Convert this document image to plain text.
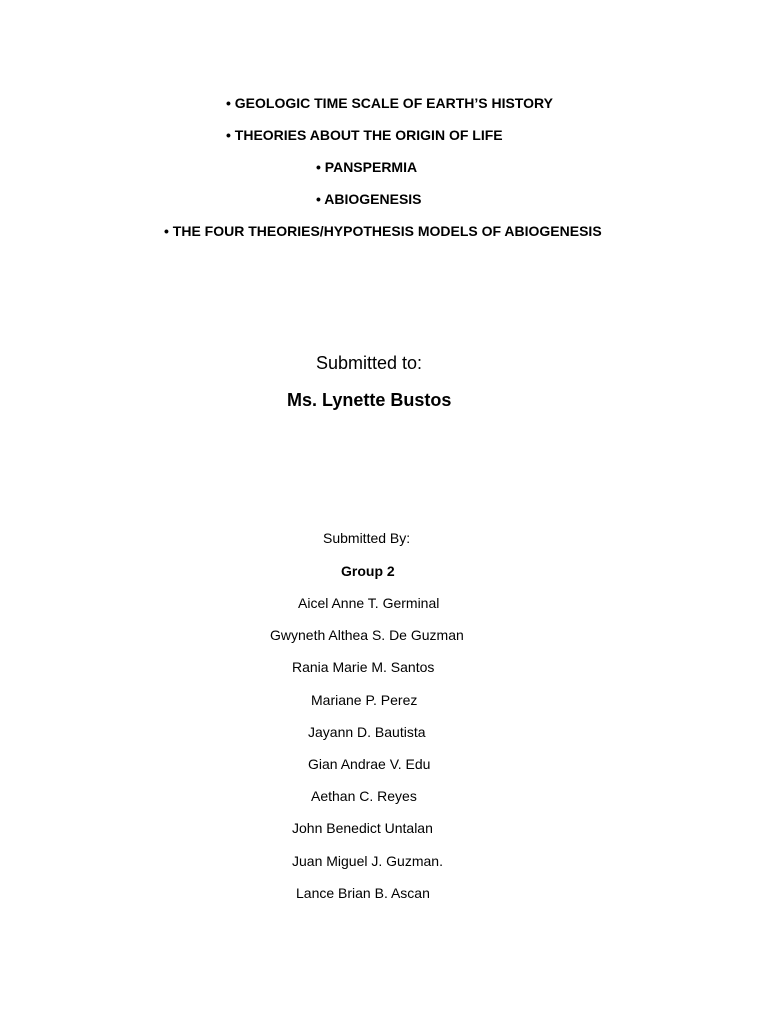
• GEOLOGIC TIME SCALE OF EARTH’S HISTORY
• THEORIES ABOUT THE ORIGIN OF LIFE
• PANSPERMIA
• ABIOGENESIS
• THE FOUR THEORIES/HYPOTHESIS MODELS OF ABIOGENESIS
Submitted to:
Ms. Lynette Bustos
Submitted By:
Group 2
Aicel Anne T. Germinal
Gwyneth Althea S. De Guzman
Rania Marie M. Santos
Mariane P. Perez
Jayann D. Bautista
Gian Andrae V. Edu
Aethan C. Reyes
John Benedict Untalan
Juan Miguel J. Guzman.
Lance Brian B. Ascan
